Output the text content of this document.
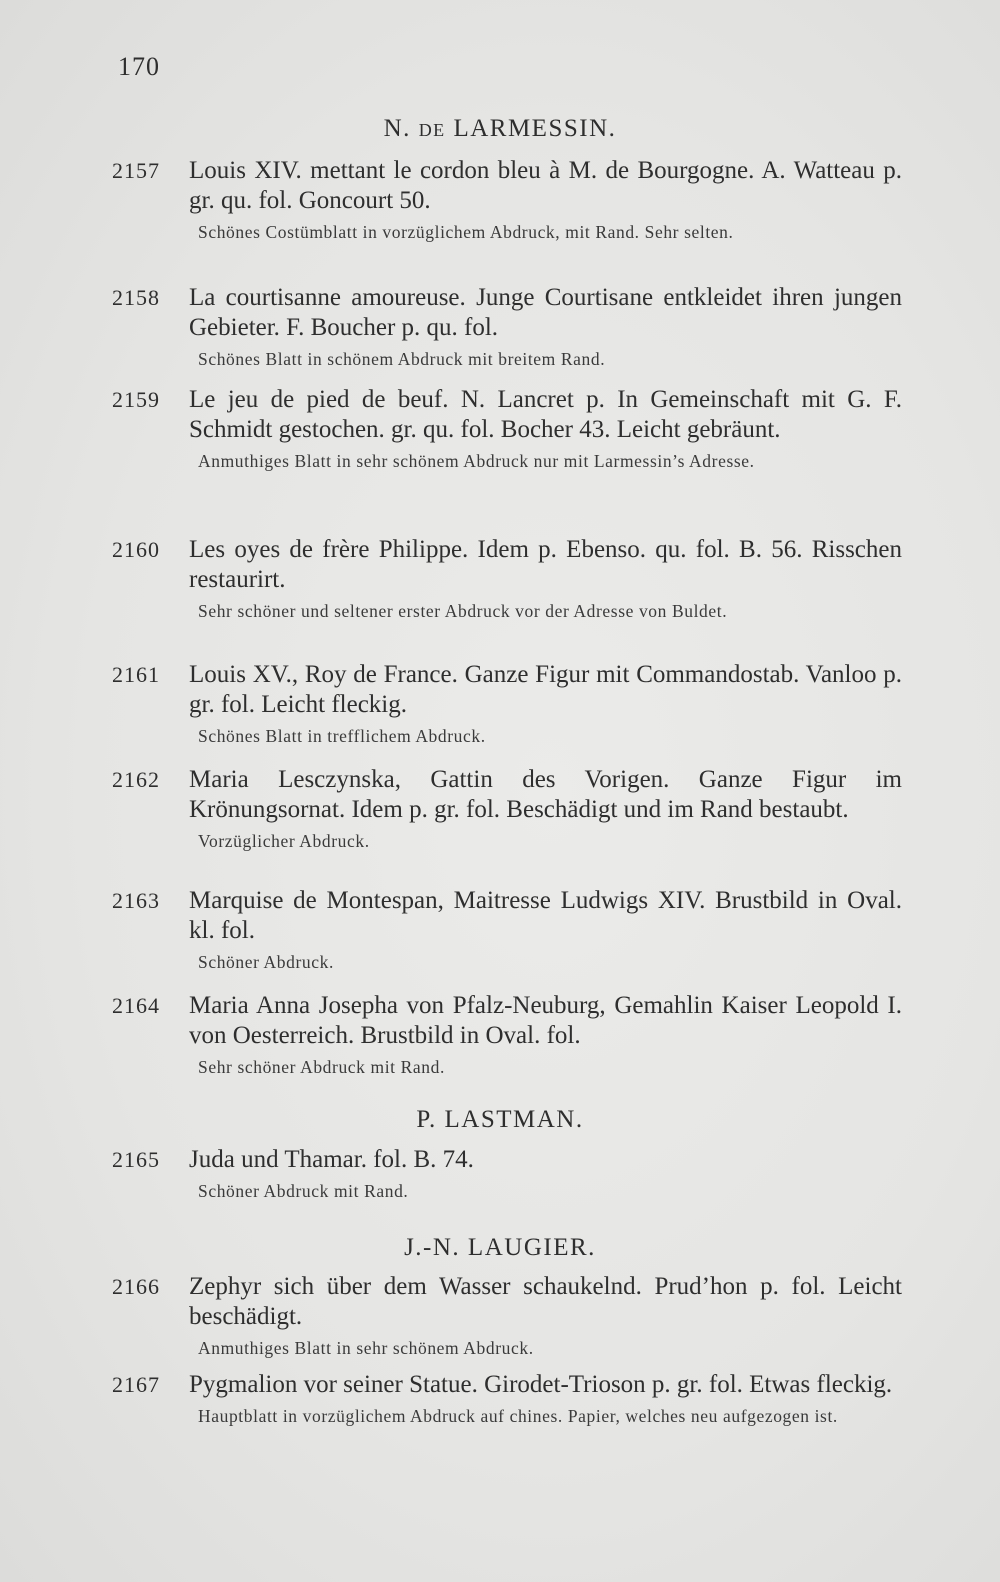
170
N. DE LARMESSIN.
2157	Louis XIV. mettant le cordon bleu à M. de Bourgogne. A. Watteau p. gr. qu. fol. Goncourt 50.
Schönes Costümblatt in vorzüglichem Abdruck, mit Rand. Sehr selten.
2158	La courtisanne amoureuse. Junge Courtisane entkleidet ihren jungen Gebieter. F. Boucher p. qu. fol.
Schönes Blatt in schönem Abdruck mit breitem Rand.
2159	Le jeu de pied de beuf. N. Lancret p. In Gemeinschaft mit G. F. Schmidt gestochen. gr. qu. fol. Bocher 43. Leicht gebräunt.
Anmuthiges Blatt in sehr schönem Abdruck nur mit Larmessin’s Adresse.
2160	Les oyes de frère Philippe. Idem p. Ebenso. qu. fol. B. 56. Risschen restaurirt.
Sehr schöner und seltener erster Abdruck vor der Adresse von Buldet.
2161	Louis XV., Roy de France. Ganze Figur mit Commandostab. Vanloo p. gr. fol. Leicht fleckig.
Schönes Blatt in trefflichem Abdruck.
2162	Maria Lesczynska, Gattin des Vorigen. Ganze Figur im Krönungsornat. Idem p. gr. fol. Beschädigt und im Rand bestaubt.
Vorzüglicher Abdruck.
2163	Marquise de Montespan, Maitresse Ludwigs XIV. Brustbild in Oval. kl. fol.
Schöner Abdruck.
2164	Maria Anna Josepha von Pfalz-Neuburg, Gemahlin Kaiser Leopold I. von Oesterreich. Brustbild in Oval. fol.
Sehr schöner Abdruck mit Rand.
P. LASTMAN.
2165	Juda und Thamar. fol. B. 74.
Schöner Abdruck mit Rand.
J.-N. LAUGIER.
2166	Zephyr sich über dem Wasser schaukelnd. Prud’hon p. fol. Leicht beschädigt.
Anmuthiges Blatt in sehr schönem Abdruck.
2167	Pygmalion vor seiner Statue. Girodet-Trioson p. gr. fol. Etwas fleckig.
Hauptblatt in vorzüglichem Abdruck auf chines. Papier, welches neu aufgezogen ist.
